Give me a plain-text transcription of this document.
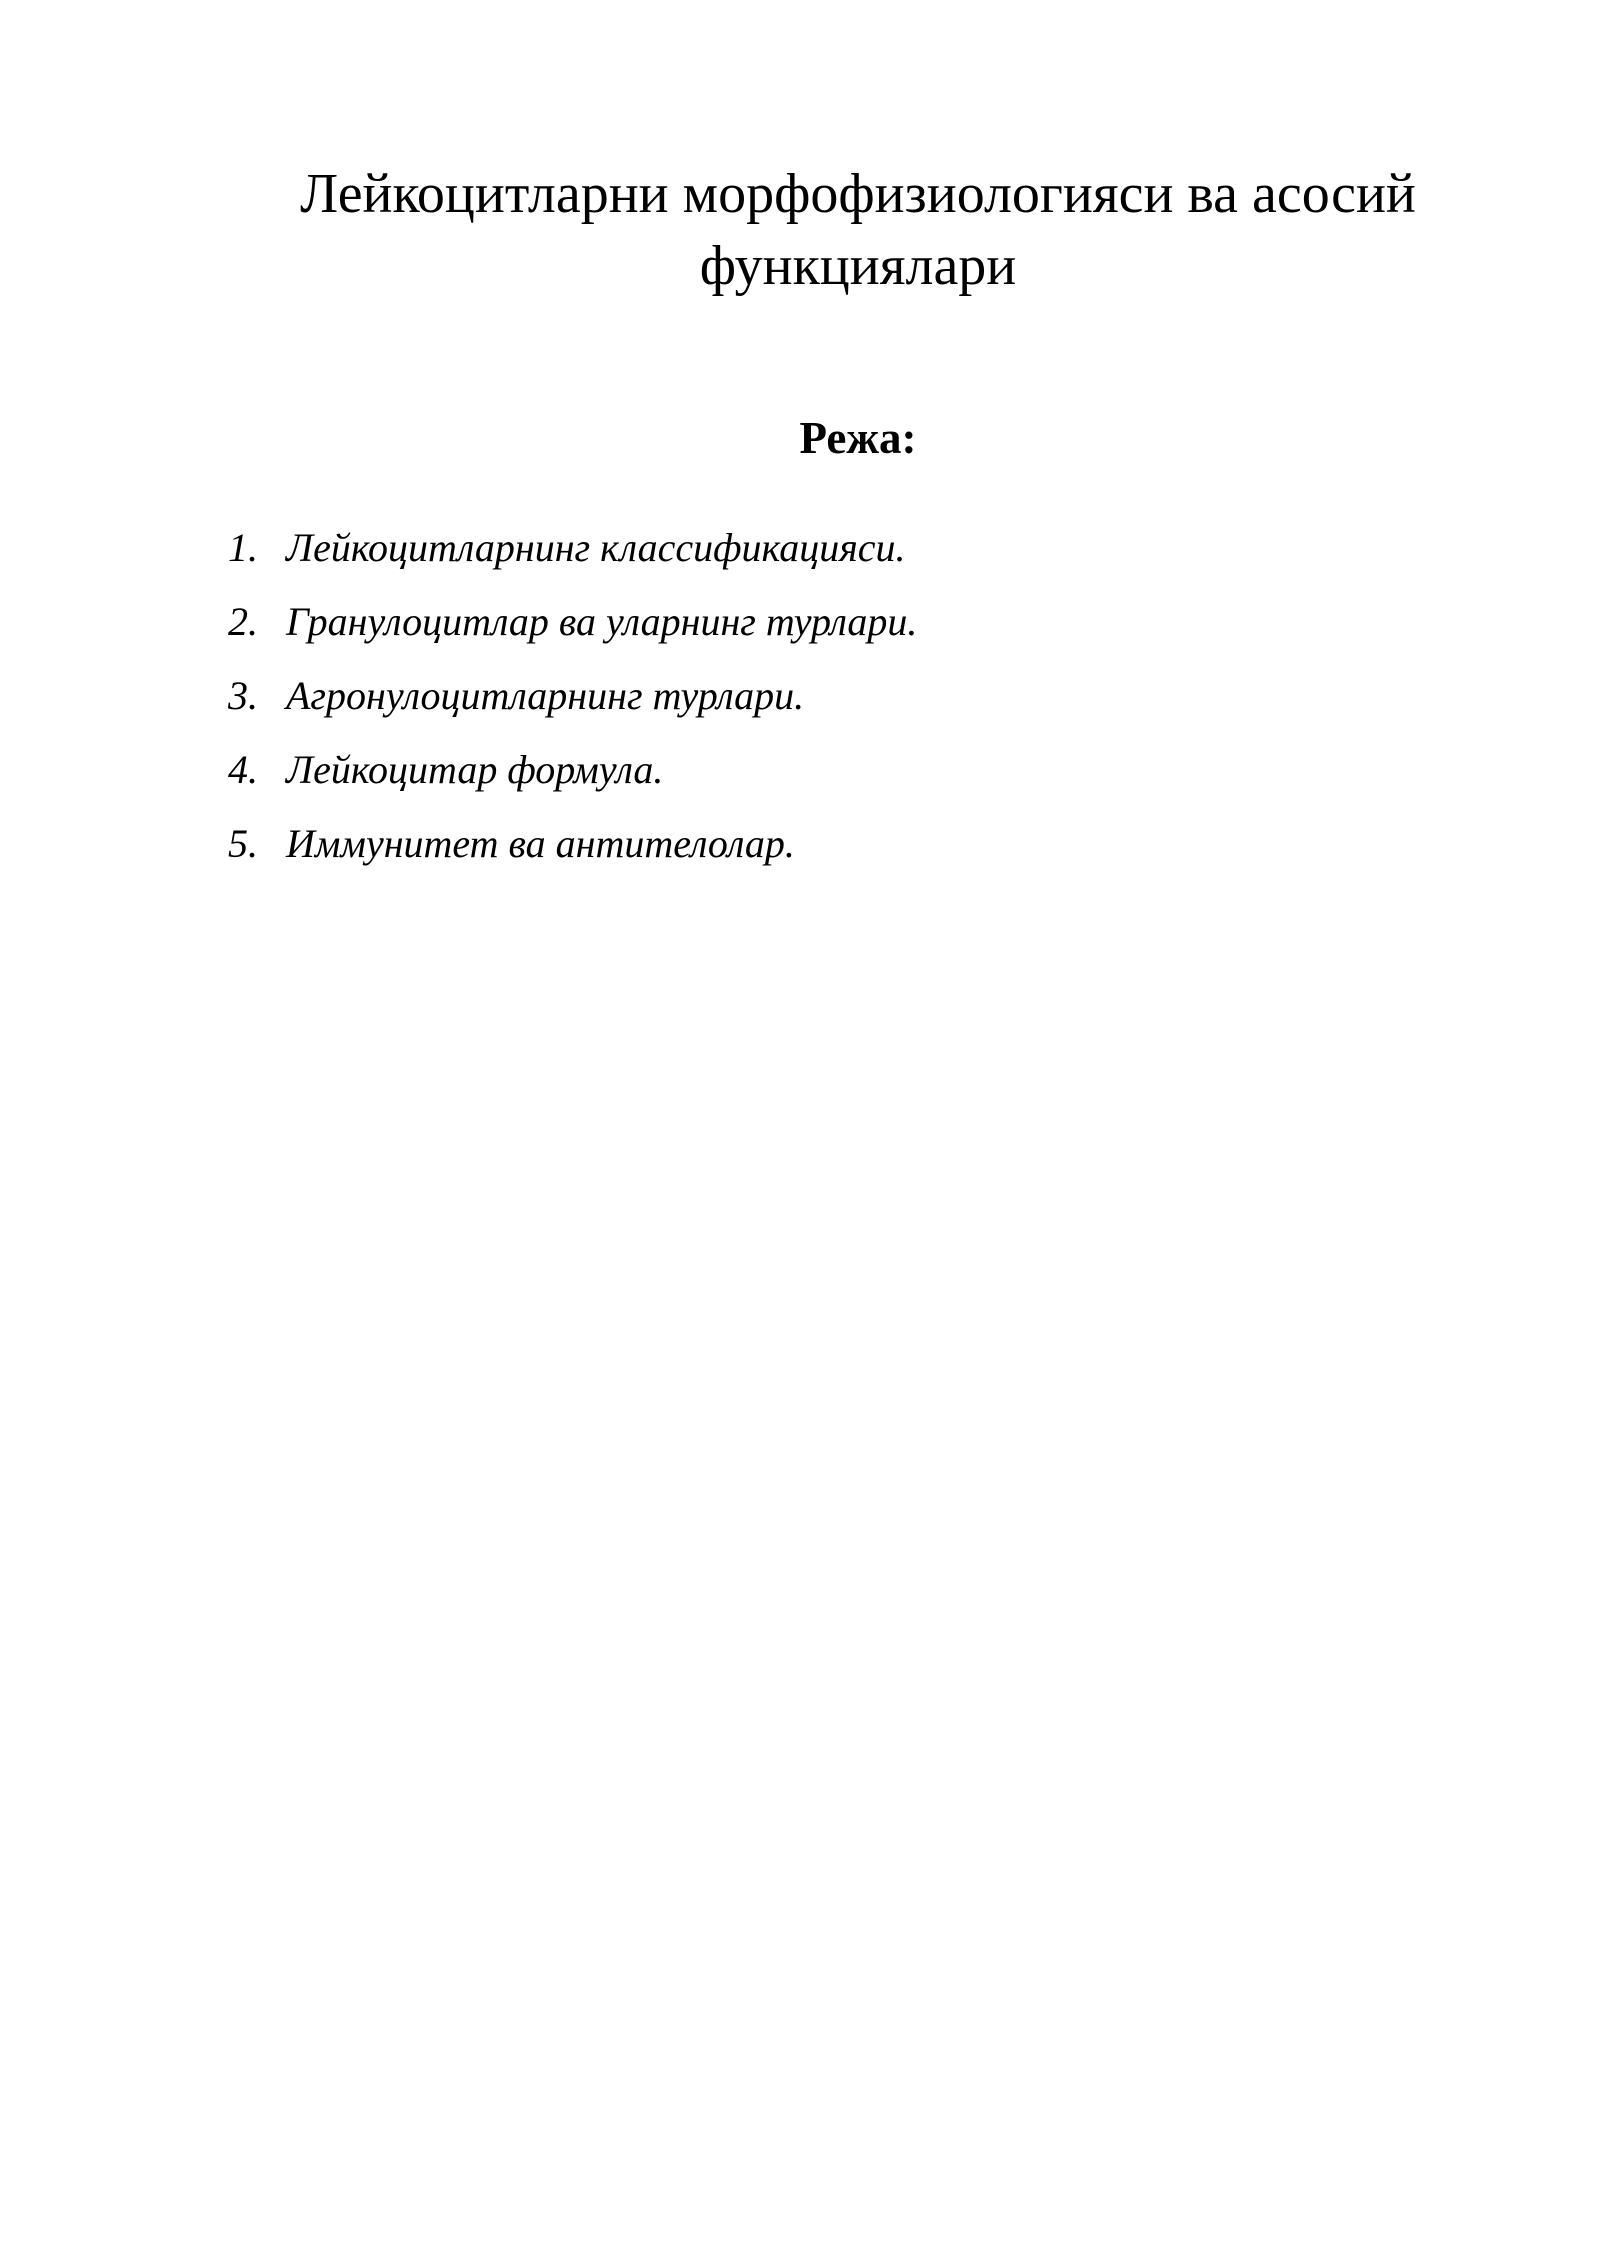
Лейкоцитларни морфофизиологияси ва асосий
функциялари
Режа:
1. Лейкоцитларнинг классификацияси.
2. Гранулоцитлар ва уларнинг турлари.
3. Агронулоцитларнинг турлари.
4. Лейкоцитар формула.
5. Иммунитет ва антителолар.
